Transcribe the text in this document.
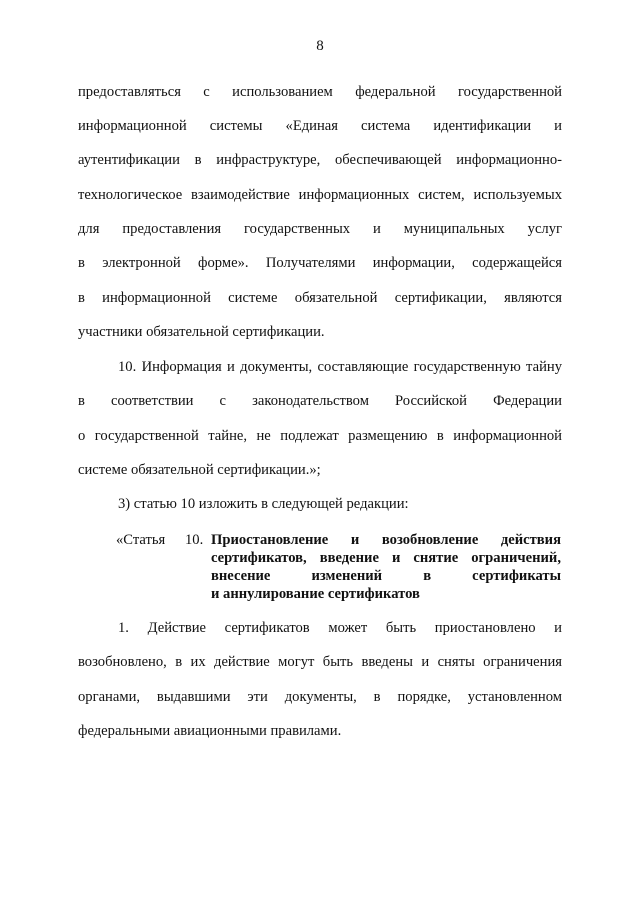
8
предоставляться с использованием федеральной государственной
информационной системы «Единая система идентификации и
аутентификации в инфраструктуре, обеспечивающей информационно-
технологическое взаимодействие информационных систем, используемых
для предоставления государственных и муниципальных услуг
в электронной форме». Получателями информации, содержащейся
в информационной системе обязательной сертификации, являются
участники обязательной сертификации.
10. Информация и документы, составляющие государственную тайну
в соответствии с законодательством Российской Федерации
о государственной тайне, не подлежат размещению в информационной
системе обязательной сертификации.»;
3) статью 10 изложить в следующей редакции:
«Статья 10. Приостановление и возобновление действия
сертификатов, введение и снятие ограничений,
внесение изменений в сертификаты
и аннулирование сертификатов
1. Действие сертификатов может быть приостановлено и
возобновлено, в их действие могут быть введены и сняты ограничения
органами, выдавшими эти документы, в порядке, установленном
федеральными авиационными правилами.
